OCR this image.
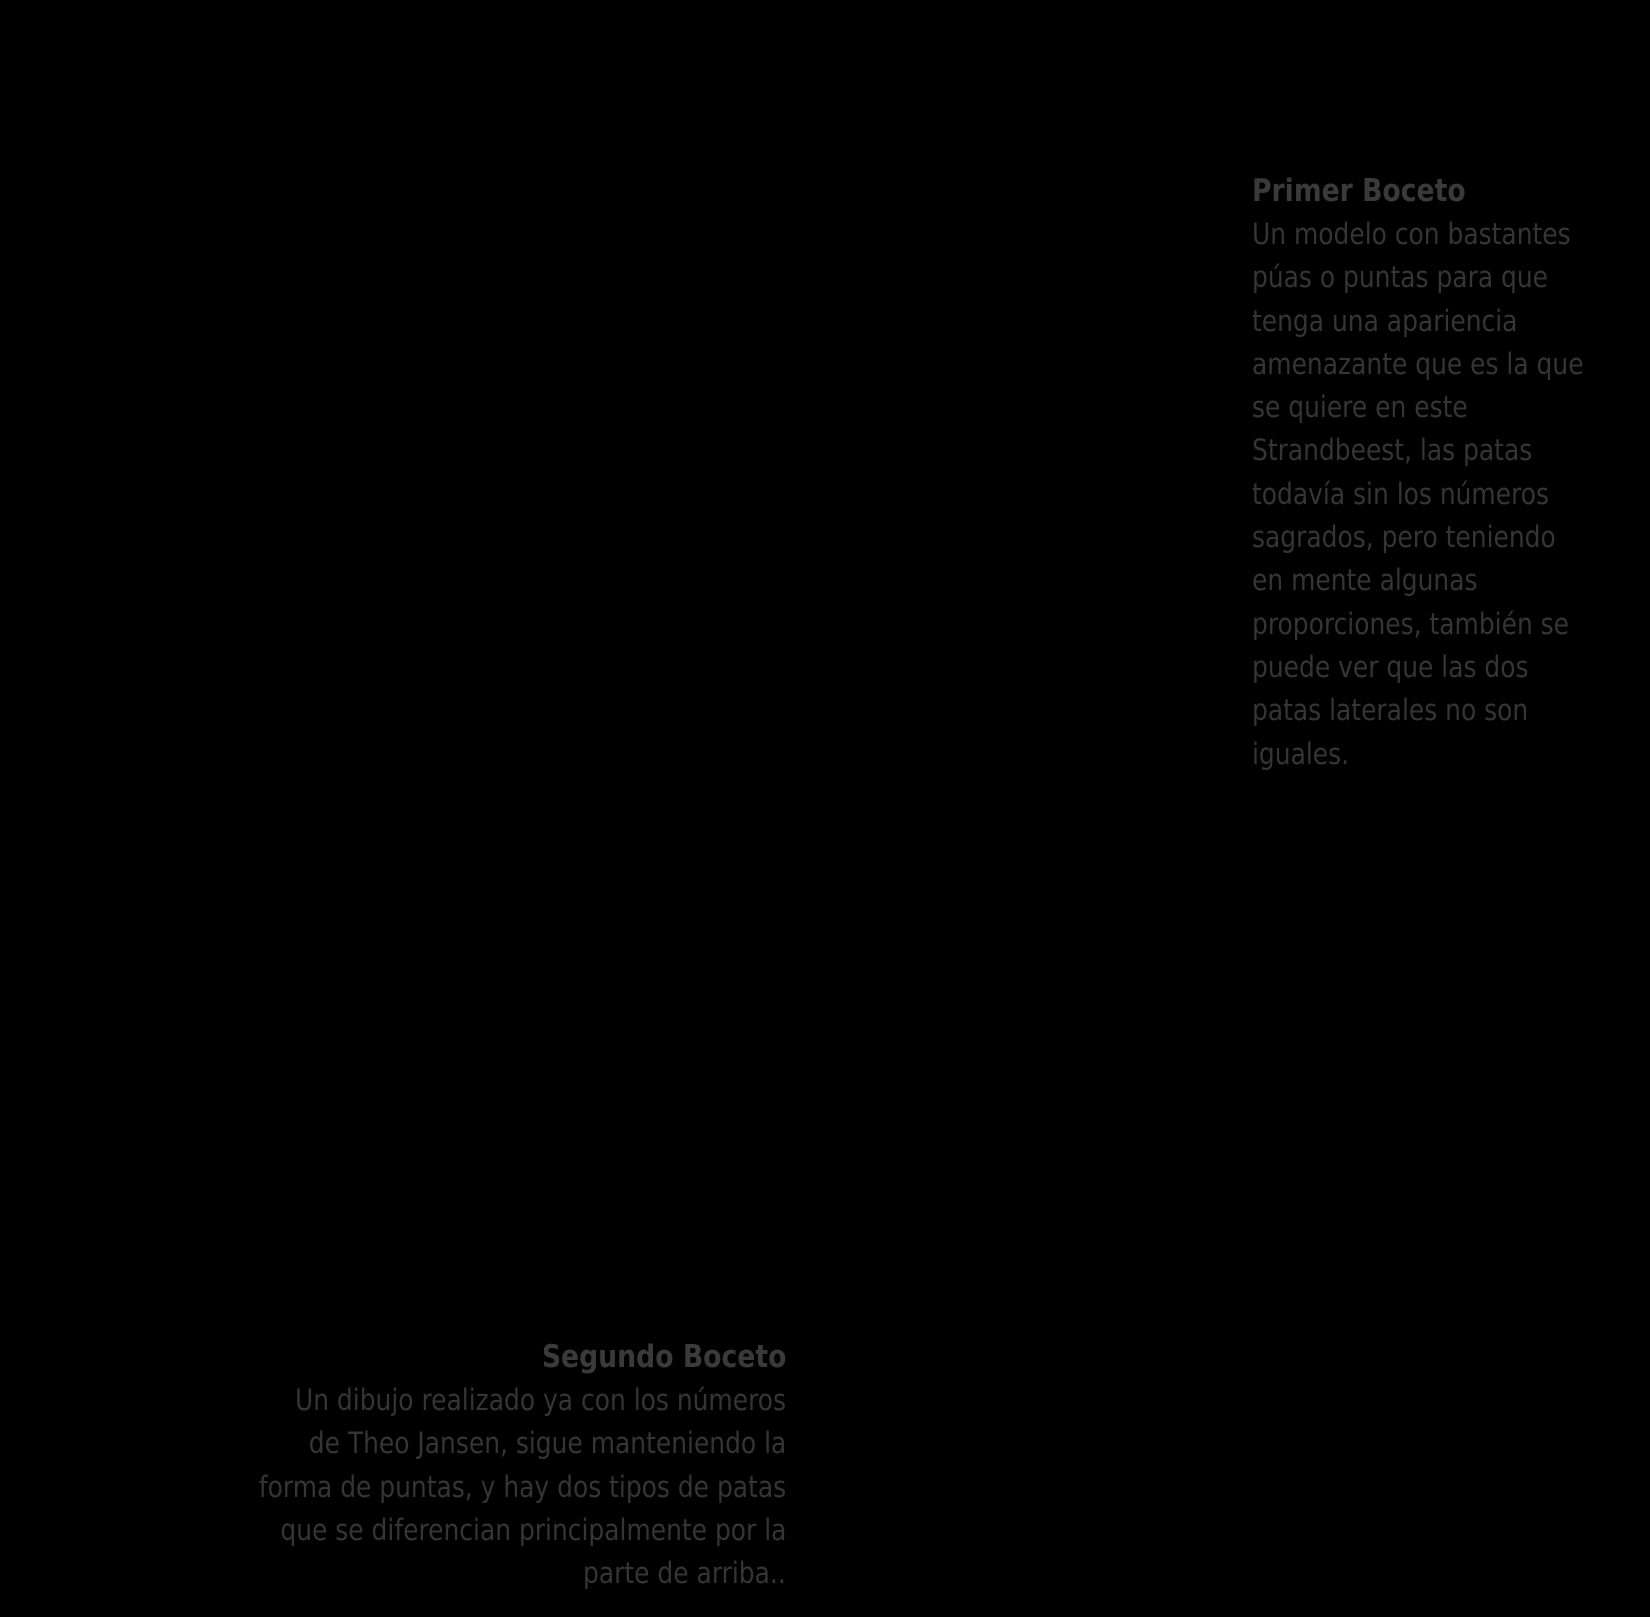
Primer Boceto
Un modelo con bastantes
púas o puntas para que
tenga una apariencia
amenazante que es la que
se quiere en este
Strandbeest, las patas
todavía sin los números
sagrados, pero teniendo
en mente algunas
proporciones, también se
puede ver que las dos
patas laterales no son
iguales.
Segundo Boceto
Un dibujo realizado ya con los números
de Theo Jansen, sigue manteniendo la
forma de puntas, y hay dos tipos de patas
que se diferencian principalmente por la
parte de arriba..
